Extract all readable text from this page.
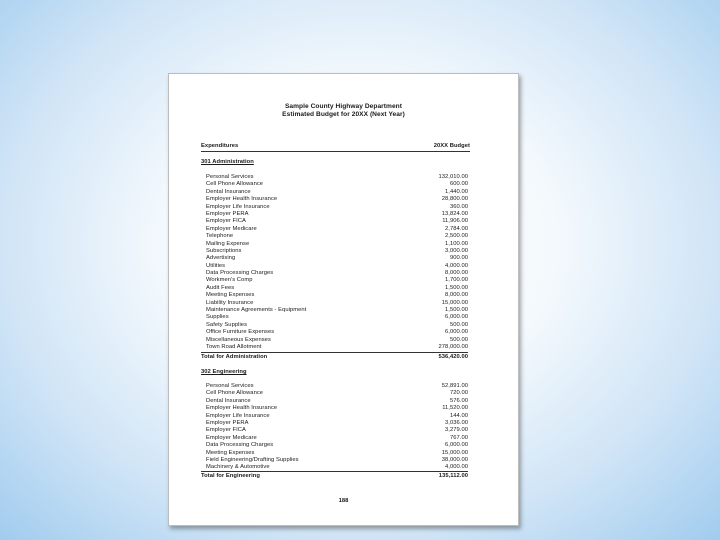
Sample County Highway Department
Estimated Budget for 20XX (Next Year)
Expenditures	20XX Budget
301 Administration
Personal Services	132,010.00
Cell Phone Allowance	600.00
Dental Insurance	1,440.00
Employer Health Insurance	28,800.00
Employer Life Insurance	360.00
Employer PERA	13,824.00
Employer FICA	11,906.00
Employer Medicare	2,784.00
Telephone	2,500.00
Mailing Expense	1,100.00
Subscriptions	3,000.00
Advertising	900.00
Utilities	4,000.00
Data Processing Charges	8,000.00
Workmen's Comp	1,700.00
Audit Fees	1,500.00
Meeting Expenses	8,000.00
Liability Insurance	15,000.00
Maintenance Agreements - Equipment	1,500.00
Supplies	6,000.00
Safety Supplies	500.00
Office Furniture Expenses	6,000.00
Miscellaneous Expenses	500.00
Town Road Allotment	278,000.00
Total for Administration	536,420.00
302 Engineering
Personal Services	52,891.00
Cell Phone Allowance	720.00
Dental Insurance	576.00
Employer Health Insurance	11,520.00
Employer Life Insurance	144.00
Employer PERA	3,036.00
Employer FICA	3,279.00
Employer Medicare	767.00
Data Processing Charges	6,000.00
Meeting Expenses	15,000.00
Field Engineering/Drafting Supplies	38,000.00
Machinery & Automotive	4,000.00
Total for Engineering	135,112.00
188
